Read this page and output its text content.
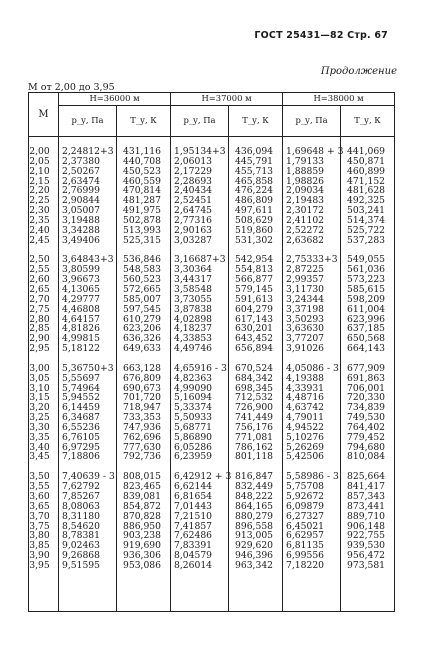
ГОСТ 25431—82 Стр. 67
Продолжение
М от 2,00 до 3,95
М	H=36000 м		H=37000 м		H=38000 м	
	р_у, Па	Т_у, К	р_у, Па	Т_у, К	р_у, Па	Т_у, К

2,00	2,24812+3	431,116	1,95134+3	436,094	1,69648 + 3	441,069
2,05	2,37380	440,708	2,06013	445,791	1,79133	450,871
2,10	2,50267	450,523	2,17229	455,713	1,88859	460,899
2,15	2,63474	460,559	2,28693	465,858	1,98826	471,152
2,20	2,76999	470,814	2,40434	476,224	2,09034	481,628
2,25	2,90844	481,287	2,52451	486,809	2,19483	492,325
2,30	3,05007	491,975	2,64745	497,611	2,30172	503,241
2,35	3,19488	502,878	2,77316	508,629	2,41102	514,374
2,40	3,34288	513,993	2,90163	519,860	2,52272	525,722
2,45	3,49406	525,315	3,03287	531,302	2,63682	537,283

2,50	3,64843+3	536,846	3,16687+3	542,954	2,75333+3	549,055
2,55	3,80599	548,583	3,30364	554,813	2,87225	561,036
2,60	3,96673	560,523	3,44317	566,877	2,99357	573,223
2,65	4,13065	572,665	3,58548	579,145	3,11730	585,615
2,70	4,29777	585,007	3,73055	591,613	3,24344	598,209
2,75	4,46808	597,545	3,87838	604,279	3,37198	611,004
2,80	4,64157	610,279	4,02898	617,143	3,50293	623,996
2,85	4,81826	623,206	4,18237	630,201	3,63630	637,185
2,90	4,99815	636,326	4,33853	643,452	3,77207	650,568
2,95	5,18122	649,633	4,49746	656,894	3,91026	664,143

3,00	5,36750+3	663,128	4,65916 - 3	670,524	4,05086 - 3	677,909
3,05	5,55697	676,809	4,82363	684,342	4,19388	691,863
3,10	5,74964	690,673	4,99090	698,345	4,33931	706,001
3,15	5,94552	701,720	5,16094	712,532	4,48716	720,330
3,20	6,14459	718,947	5,33374	726,900	4,63742	734,839
3,25	6,34687	733,353	5,50933	741,449	4,79011	749,530
3,30	6,55236	747,936	5,68771	756,176	4,94522	764,402
3,35	6,76105	762,696	5,86890	771,081	5,10276	779,452
3,40	6,97295	777,630	6,05286	786,162	5,26269	794,680
3,45	7,18806	792,736	6,23959	801,118	5,42506	810,084

3,50	7,40639 - 3	808,015	6,42912 + 3	816,847	5,58986 - 3	825,664
3,55	7,62792	823,465	6,62144	832,449	5,75708	841,417
3,60	7,85267	839,081	6,81654	848,222	5,92672	857,343
3,65	8,08063	854,872	7,01443	864,165	6,09879	873,441
3,70	8,31180	870,828	7,21510	880,279	6,27327	889,710
3,75	8,54620	886,950	7,41857	896,558	6,45021	906,148
3,80	8,78381	903,238	7,62486	913,005	6,62957	922,755
3,85	9,02463	919,690	7,83391	929,620	6,81135	939,530
3,90	9,26868	936,306	8,04579	946,396	6,99556	956,472
3,95	9,51595	953,086	8,26014	963,342	7,18220	973,581
